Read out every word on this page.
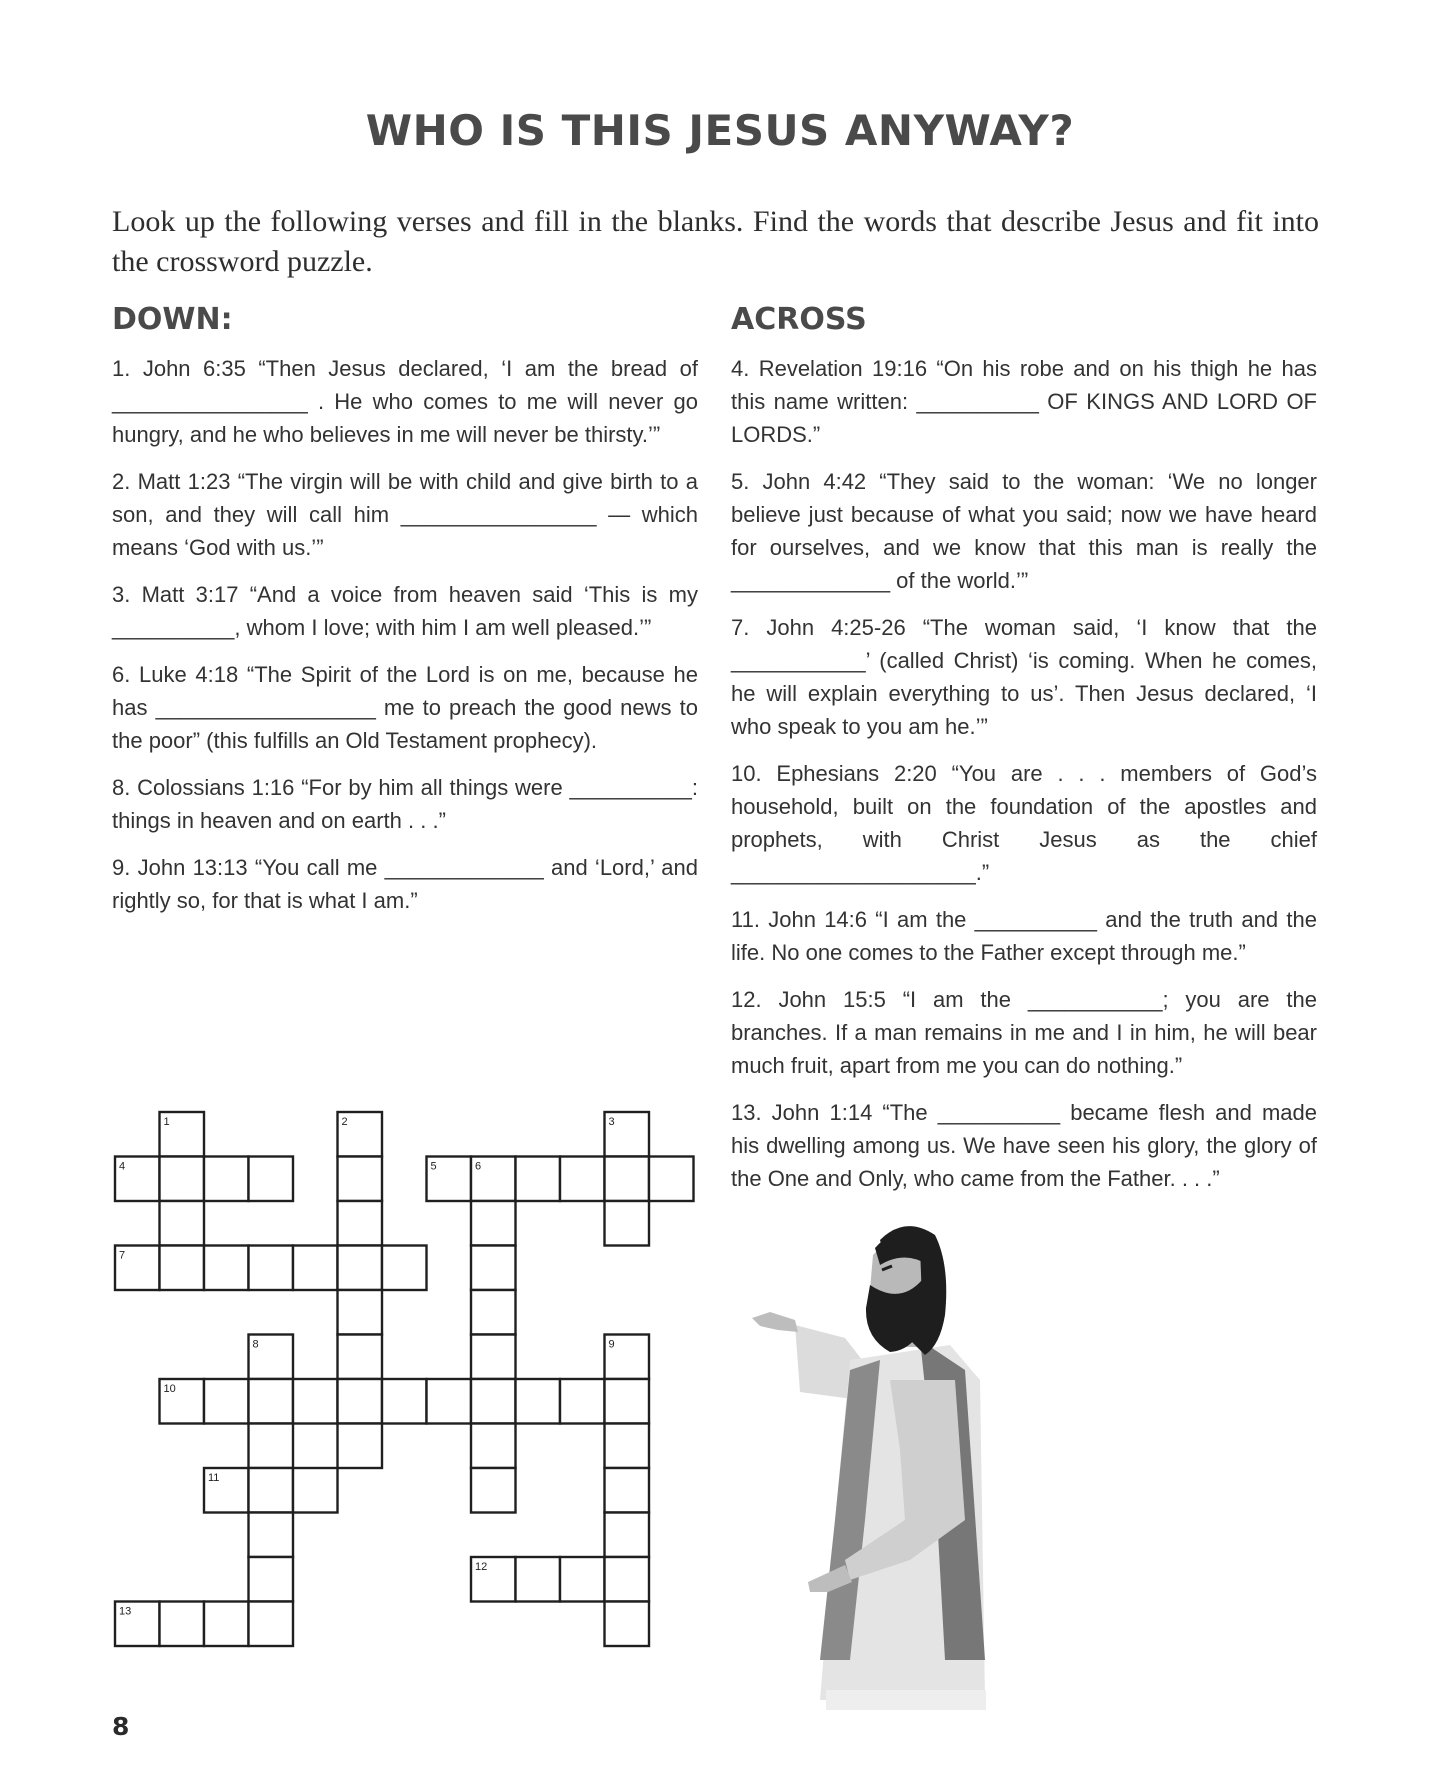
WHO IS THIS JESUS ANYWAY?

Look up the following verses and fill in the blanks. Find the words that describe Jesus and fit into the crossword puzzle.

DOWN:	ACROSS

1. John 6:35 “Then Jesus declared, ‘I am the bread of ________________ . He who comes to me will never go hungry, and he who believes in me will never be thirsty.’”

2. Matt 1:23 “The virgin will be with child and give birth to a son, and they will call him ________________ — which means ‘God with us.’”

3. Matt 3:17 “And a voice from heaven said ‘This is my __________, whom I love; with him I am well pleased.’”

6. Luke 4:18 “The Spirit of the Lord is on me, because he has __________________ me to preach the good news to the poor” (this fulfills an Old Testament prophecy).

8. Colossians 1:16 “For by him all things were __________: things in heaven and on earth . . .”

9. John 13:13 “You call me _____________ and ‘Lord,’ and rightly so, for that is what I am.”

4. Revelation 19:16 “On his robe and on his thigh he has this name written: __________ OF KINGS AND LORD OF LORDS.”

5. John 4:42 “They said to the woman: ‘We no longer believe just because of what you said; now we have heard for ourselves, and we know that this man is really the _____________ of the world.’”

7. John 4:25-26 “The woman said, ‘I know that the ___________’ (called Christ) ‘is coming. When he comes, he will explain everything to us’. Then Jesus declared, ‘I who speak to you am he.’”

10. Ephesians 2:20 “You are . . . members of God’s household, built on the foundation of the apostles and prophets, with Christ Jesus as the chief ____________________.”

11. John 14:6 “I am the __________ and the truth and the life. No one comes to the Father except through me.”

12. John 15:5 “I am the ___________; you are the branches. If a man remains in me and I in him, he will bear much fruit, apart from me you can do nothing.”

13. John 1:14 “The __________ became flesh and made his dwelling among us. We have seen his glory, the glory of the One and Only, who came from the Father. . . .”

1	2	3
4	5	6
7
8	9
10
11
12
13
8
